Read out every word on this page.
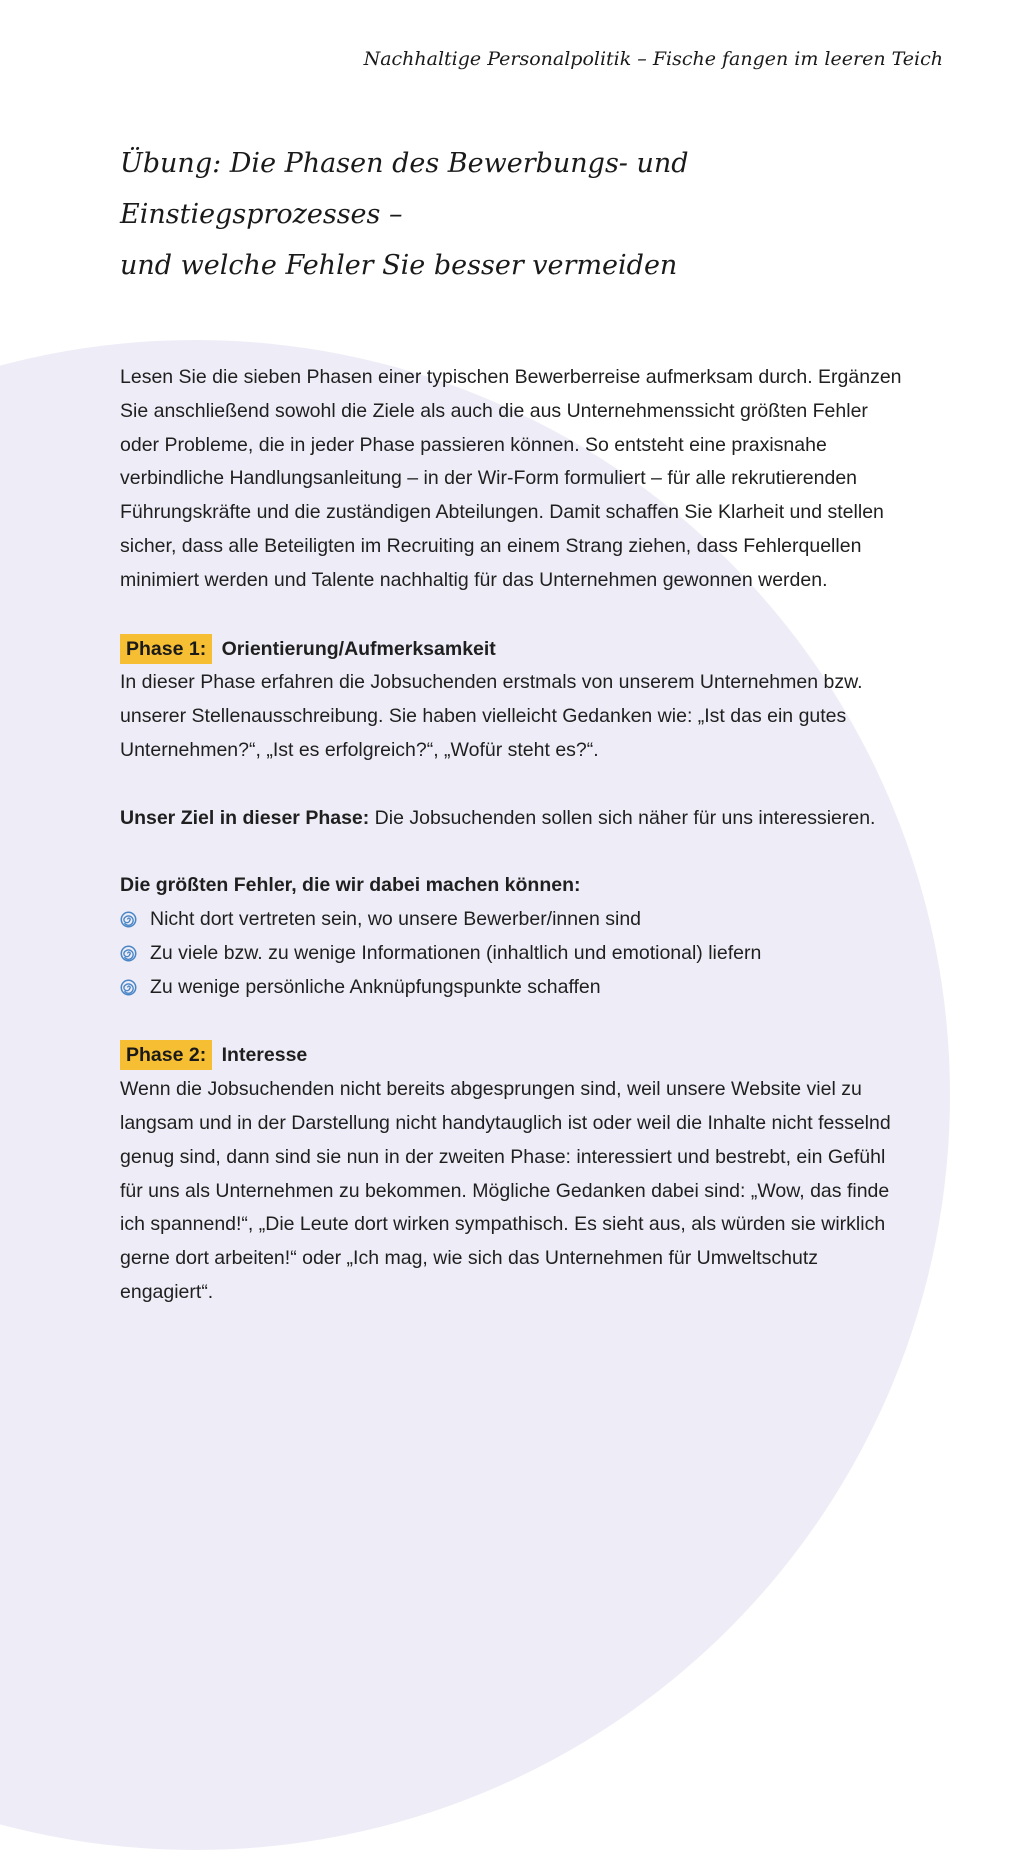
Nachhaltige Personalpolitik – Fische fangen im leeren Teich
Übung: Die Phasen des Bewerbungs- und Einstiegsprozesses –
und welche Fehler Sie besser vermeiden

Lesen Sie die sieben Phasen einer typischen Bewerberreise aufmerksam durch. Ergänzen Sie anschließend sowohl die Ziele als auch die aus Unternehmenssicht größten Fehler oder Probleme, die in jeder Phase passieren können. So entsteht eine praxisnahe verbindliche Handlungsanleitung – in der Wir-Form formuliert – für alle rekrutierenden Führungskräfte und die zuständigen Abteilungen. Damit schaffen Sie Klarheit und stellen sicher, dass alle Beteiligten im Recruiting an einem Strang ziehen, dass Fehlerquellen minimiert werden und Talente nachhaltig für das Unternehmen gewonnen werden.

Phase 1: Orientierung/Aufmerksamkeit

In dieser Phase erfahren die Jobsuchenden erstmals von unserem Unternehmen bzw. unserer Stellenausschreibung. Sie haben vielleicht Gedanken wie: „Ist das ein gutes Unternehmen?“, „Ist es erfolgreich?“, „Wofür steht es?“.

Unser Ziel in dieser Phase: Die Jobsuchenden sollen sich näher für uns interessieren.

Die größten Fehler, die wir dabei machen können:

Nicht dort vertreten sein, wo unsere Bewerber/innen sind
Zu viele bzw. zu wenige Informationen (inhaltlich und emotional) liefern
Zu wenige persönliche Anknüpfungspunkte schaffen
Phase 2: Interesse

Wenn die Jobsuchenden nicht bereits abgesprungen sind, weil unsere Website viel zu langsam und in der Darstellung nicht handytauglich ist oder weil die Inhalte nicht fesselnd genug sind, dann sind sie nun in der zweiten Phase: interessiert und bestrebt, ein Gefühl für uns als Unternehmen zu bekommen. Mögliche Gedanken dabei sind: „Wow, das finde ich spannend!“, „Die Leute dort wirken sympathisch. Es sieht aus, als würden sie wirklich gerne dort arbeiten!“ oder „Ich mag, wie sich das Unternehmen für Umweltschutz engagiert“.
